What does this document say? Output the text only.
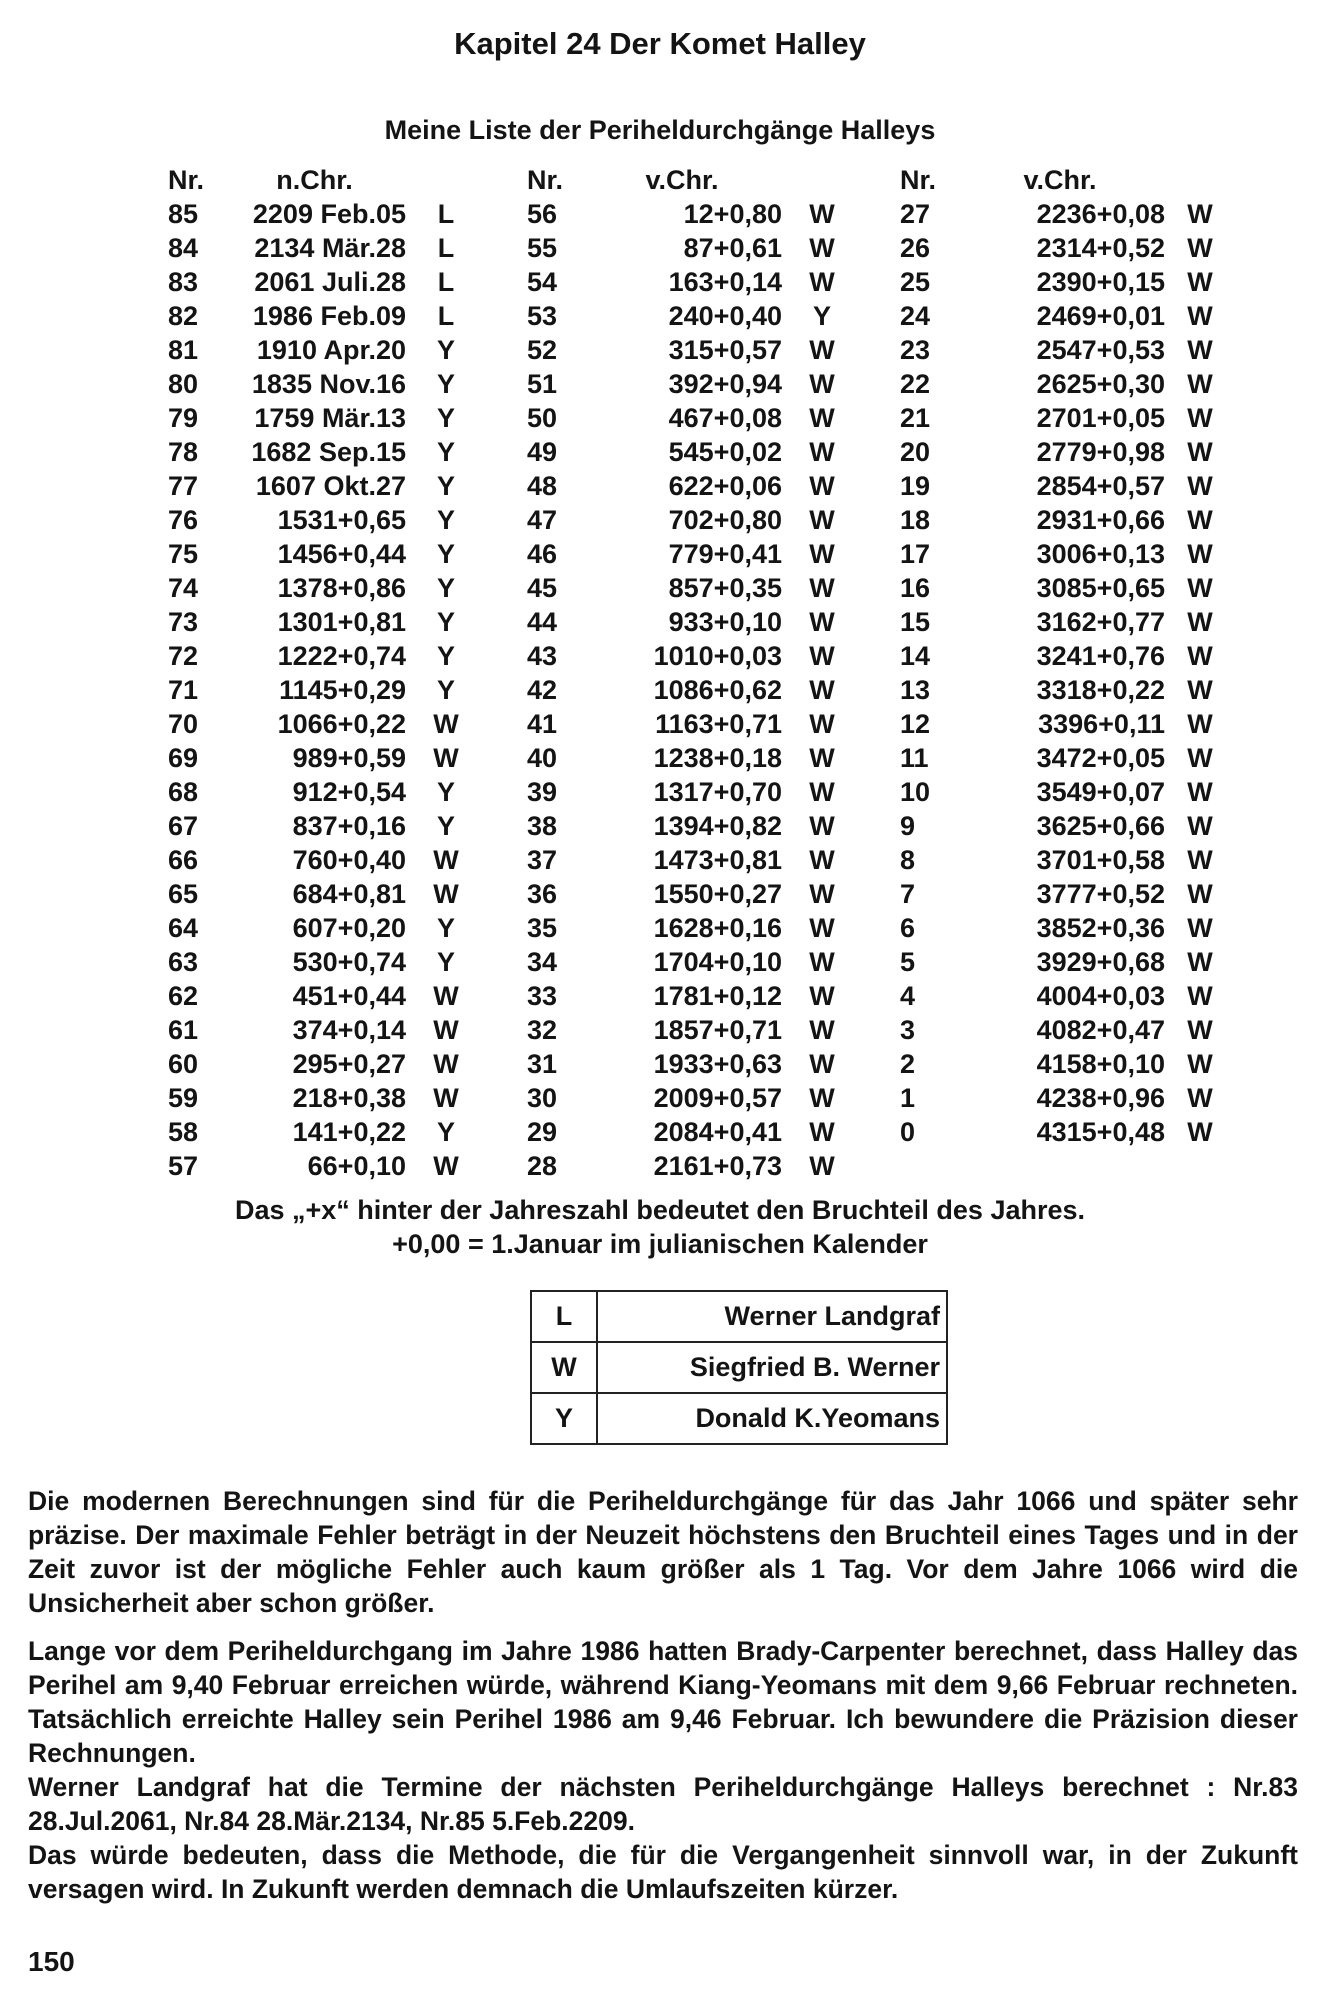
Kapitel 24 Der Komet Halley
Meine Liste der Periheldurchgänge Halleys
Nr.	n.Chr.
85	2209 Feb.05	L
84	2134 Mär.28	L
83	2061 Juli.28	L
82	1986 Feb.09	L
81	1910 Apr.20	Y
80	1835 Nov.16	Y
79	1759 Mär.13	Y
78	1682 Sep.15	Y
77	1607 Okt.27	Y
76	1531+0,65	Y
75	1456+0,44	Y
74	1378+0,86	Y
73	1301+0,81	Y
72	1222+0,74	Y
71	1145+0,29	Y
70	1066+0,22	W
69	989+0,59	W
68	912+0,54	Y
67	837+0,16	Y
66	760+0,40	W
65	684+0,81	W
64	607+0,20	Y
63	530+0,74	Y
62	451+0,44	W
61	374+0,14	W
60	295+0,27	W
59	218+0,38	W
58	141+0,22	Y
57	66+0,10	W
Nr.	v.Chr.
56	12+0,80	W
55	87+0,61	W
54	163+0,14	W
53	240+0,40	Y
52	315+0,57	W
51	392+0,94	W
50	467+0,08	W
49	545+0,02	W
48	622+0,06	W
47	702+0,80	W
46	779+0,41	W
45	857+0,35	W
44	933+0,10	W
43	1010+0,03	W
42	1086+0,62	W
41	1163+0,71	W
40	1238+0,18	W
39	1317+0,70	W
38	1394+0,82	W
37	1473+0,81	W
36	1550+0,27	W
35	1628+0,16	W
34	1704+0,10	W
33	1781+0,12	W
32	1857+0,71	W
31	1933+0,63	W
30	2009+0,57	W
29	2084+0,41	W
28	2161+0,73	W
Nr.	v.Chr.
27	2236+0,08 W
26	2314+0,52 W
25	2390+0,15 W
24	2469+0,01 W
23	2547+0,53 W
22	2625+0,30 W
21	2701+0,05 W
20	2779+0,98 W
19	2854+0,57 W
18	2931+0,66 W
17	3006+0,13 W
16	3085+0,65 W
15	3162+0,77 W
14	3241+0,76 W
13	3318+0,22 W
12	3396+0,11 W
11	3472+0,05 W
10	3549+0,07 W
9	3625+0,66 W
8	3701+0,58 W
7	3777+0,52 W
6	3852+0,36 W
5	3929+0,68 W
4	4004+0,03 W
3	4082+0,47 W
2	4158+0,10 W
1	4238+0,96 W
0	4315+0,48 W
Das „+x“ hinter der Jahreszahl bedeutet den Bruchteil des Jahres.
+0,00 = 1.Januar im julianischen Kalender
L	Werner Landgraf
W	Siegfried B. Werner
Y	Donald K.Yeomans

Die modernen Berechnungen sind für die Periheldurchgänge für das Jahr 1066 und später sehr präzise. Der maximale Fehler beträgt in der Neuzeit höchstens den Bruchteil eines Tages und in der Zeit zuvor ist der mögliche Fehler auch kaum größer als 1 Tag. Vor dem Jahre 1066 wird die Unsicherheit aber schon größer.

Lange vor dem Periheldurchgang im Jahre 1986 hatten Brady-Carpenter berechnet, dass Halley das Perihel am 9,40 Februar erreichen würde, während Kiang-Yeomans mit dem 9,66 Februar rechneten. Tatsächlich erreichte Halley sein Perihel 1986 am 9,46 Februar. Ich bewundere die Präzision dieser Rechnungen.

Werner Landgraf hat die Termine der nächsten Periheldurchgänge Halleys berechnet : Nr.83 28.Jul.2061, Nr.84 28.Mär.2134, Nr.85 5.Feb.2209.

Das würde bedeuten, dass die Methode, die für die Vergangenheit sinnvoll war, in der Zukunft versagen wird. In Zukunft werden demnach die Umlaufszeiten kürzer.

150
